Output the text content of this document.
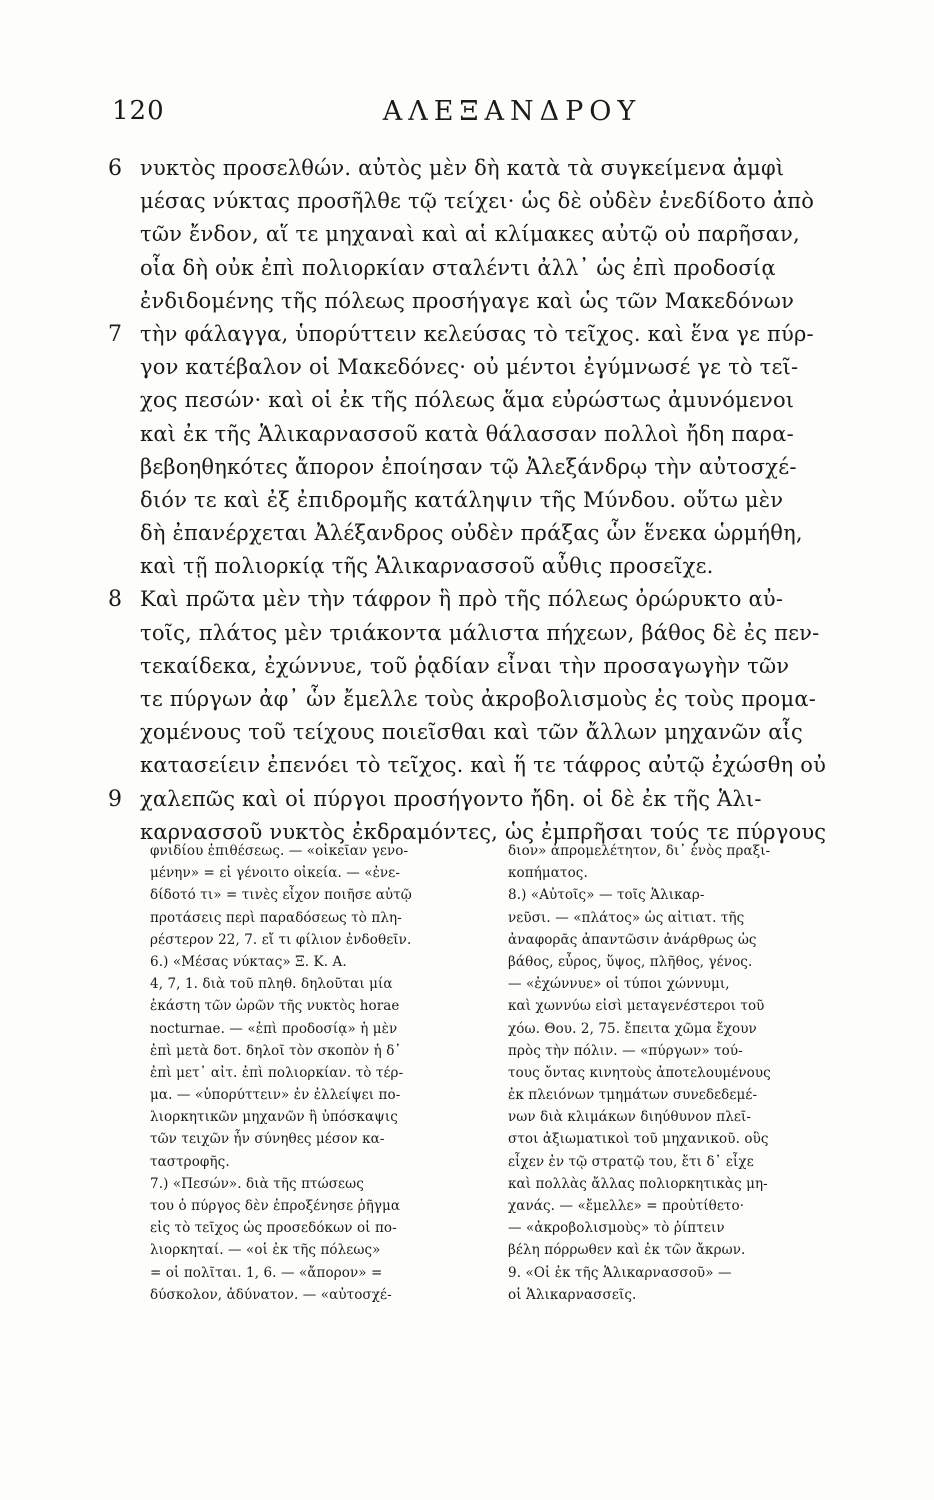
120	ΑΛΕΞΑΝΔΡΟΥ
6 νυκτὸς προσελθών. αὐτὸς μὲν δὴ κατὰ τὰ συγκείμενα ἀμφὶ
μέσας νύκτας προσῆλθε τῷ τείχει· ὡς δὲ οὐδὲν ἐνεδίδοτο ἀπὸ
τῶν ἔνδον, αἵ τε μηχαναὶ καὶ αἱ κλίμακες αὐτῷ οὐ παρῆσαν,
οἷα δὴ οὐκ ἐπὶ πολιορκίαν σταλέντι ἀλλ᾽ ὡς ἐπὶ προδοσίᾳ
ἐνδιδομένης τῆς πόλεως προσήγαγε καὶ ὡς τῶν Μακεδόνων
7 τὴν φάλαγγα, ὑπορύττειν κελεύσας τὸ τεῖχος. καὶ ἕνα γε πύρ-
γον κατέβαλον οἱ Μακεδόνες· οὐ μέντοι ἐγύμνωσέ γε τὸ τεῖ-
χος πεσών· καὶ οἱ ἐκ τῆς πόλεως ἅμα εὐρώστως ἀμυνόμενοι
καὶ ἐκ τῆς Ἁλικαρνασσοῦ κατὰ θάλασσαν πολλοὶ ἤδη παρα-
βεβοηθηκότες ἄπορον ἐποίησαν τῷ Ἀλεξάνδρῳ τὴν αὐτοσχέ-
διόν τε καὶ ἐξ ἐπιδρομῆς κατάληψιν τῆς Μύνδου. οὕτω μὲν
δὴ ἐπανέρχεται Ἀλέξανδρος οὐδὲν πράξας ὧν ἕνεκα ὡρμήθη,
καὶ τῇ πολιορκίᾳ τῆς Ἁλικαρνασσοῦ αὖθις προσεῖχε.
8 Καὶ πρῶτα μὲν τὴν τάφρον ἣ πρὸ τῆς πόλεως ὀρώρυκτο αὐ-
τοῖς, πλάτος μὲν τριάκοντα μάλιστα πήχεων, βάθος δὲ ἐς πεν-
τεκαίδεκα, ἐχώννυε, τοῦ ῥᾳδίαν εἶναι τὴν προσαγωγὴν τῶν
τε πύργων ἀφ᾽ ὧν ἔμελλε τοὺς ἀκροβολισμοὺς ἐς τοὺς προμα-
χομένους τοῦ τείχους ποιεῖσθαι καὶ τῶν ἄλλων μηχανῶν αἷς
κατασείειν ἐπενόει τὸ τεῖχος. καὶ ἥ τε τάφρος αὐτῷ ἐχώσθη οὐ
9 χαλεπῶς καὶ οἱ πύργοι προσήγοντο ἤδη. οἱ δὲ ἐκ τῆς Ἁλι-
καρνασσοῦ νυκτὸς ἐκδραμόντες, ὡς ἐμπρῆσαι τούς τε πύργους
φνιδίου ἐπιθέσεως. — «οἰκεῖαν γενο-
μένην» = εἰ γένοιτο οἰκεία. — «ἐνε-
δίδοτό τι» = τινὲς εἶχον ποιῆσε αὐτῷ
προτάσεις περὶ παραδόσεως τὸ πλη-
ρέστερον 22, 7. εἴ τι φίλιον ἐνδοθεῖν.
6.) «Μέσας νύκτας» Ξ. Κ. Α.
4, 7, 1. διὰ τοῦ πληθ. δηλοῦται μία
ἑκάστη τῶν ὡρῶν τῆς νυκτὸς horae
nocturnae. — «ἐπὶ προδοσίᾳ» ἡ μὲν
ἐπὶ μετὰ δοτ. δηλοῖ τὸν σκοπὸν ἡ δ᾽
ἐπὶ μετ᾽ αἰτ. ἐπὶ πολιορκίαν. τὸ τέρ-
μα. — «ὑπορύττειν» ἐν ἐλλείψει πο-
λιορκητικῶν μηχανῶν ἢ ὑπόσκαψις
τῶν τειχῶν ἦν σύνηθες μέσον κα-
ταστροφῆς.
7.) «Πεσών». διὰ τῆς πτώσεως
του ὁ πύργος δὲν ἐπροξένησε ῥῆγμα
εἰς τὸ τεῖχος ὡς προσεδόκων οἱ πο-
λιορκηταί. — «οἱ ἐκ τῆς πόλεως»
= οἱ πολῖται. 1, 6. — «ἄπορον» =
δύσκολον, ἀδύνατον. — «αὐτοσχέ-
διον» ἀπρομελέτητον, δι᾽ ἑνὸς πραξι-
κοπήματος.
8.) «Αὐτοῖς» — τοῖς Ἁλικαρ-
νεῦσι. — «πλάτος» ὡς αἰτιατ. τῆς
ἀναφορᾶς ἀπαντῶσιν ἀνάρθρως ὡς
βάθος, εὖρος, ὕψος, πλῆθος, γένος.
— «ἐχώννυε» οἱ τύποι χώννυμι,
καὶ χωννύω εἰσὶ μεταγενέστεροι τοῦ
χόω. Θου. 2, 75. ἔπειτα χῶμα ἔχουν
πρὸς τὴν πόλιν. — «πύργων» τού-
τους ὄντας κινητοὺς ἀποτελουμένους
ἐκ πλειόνων τμημάτων συνεδεδεμέ-
νων διὰ κλιμάκων διηύθυνον πλεῖ-
στοι ἀξιωματικοὶ τοῦ μηχανικοῦ. οὓς
εἶχεν ἐν τῷ στρατῷ του, ἔτι δ᾽ εἶχε
καὶ πολλὰς ἄλλας πολιορκητικὰς μη-
χανάς. — «ἔμελλε» = προὐτίθετο·
— «ἀκροβολισμοὺς» τὸ ῥίπτειν
βέλη πόρρωθεν καὶ ἐκ τῶν ἄκρων.
9. «Οἱ ἐκ τῆς Ἁλικαρνασσοῦ» —
οἱ Ἁλικαρνασσεῖς.
